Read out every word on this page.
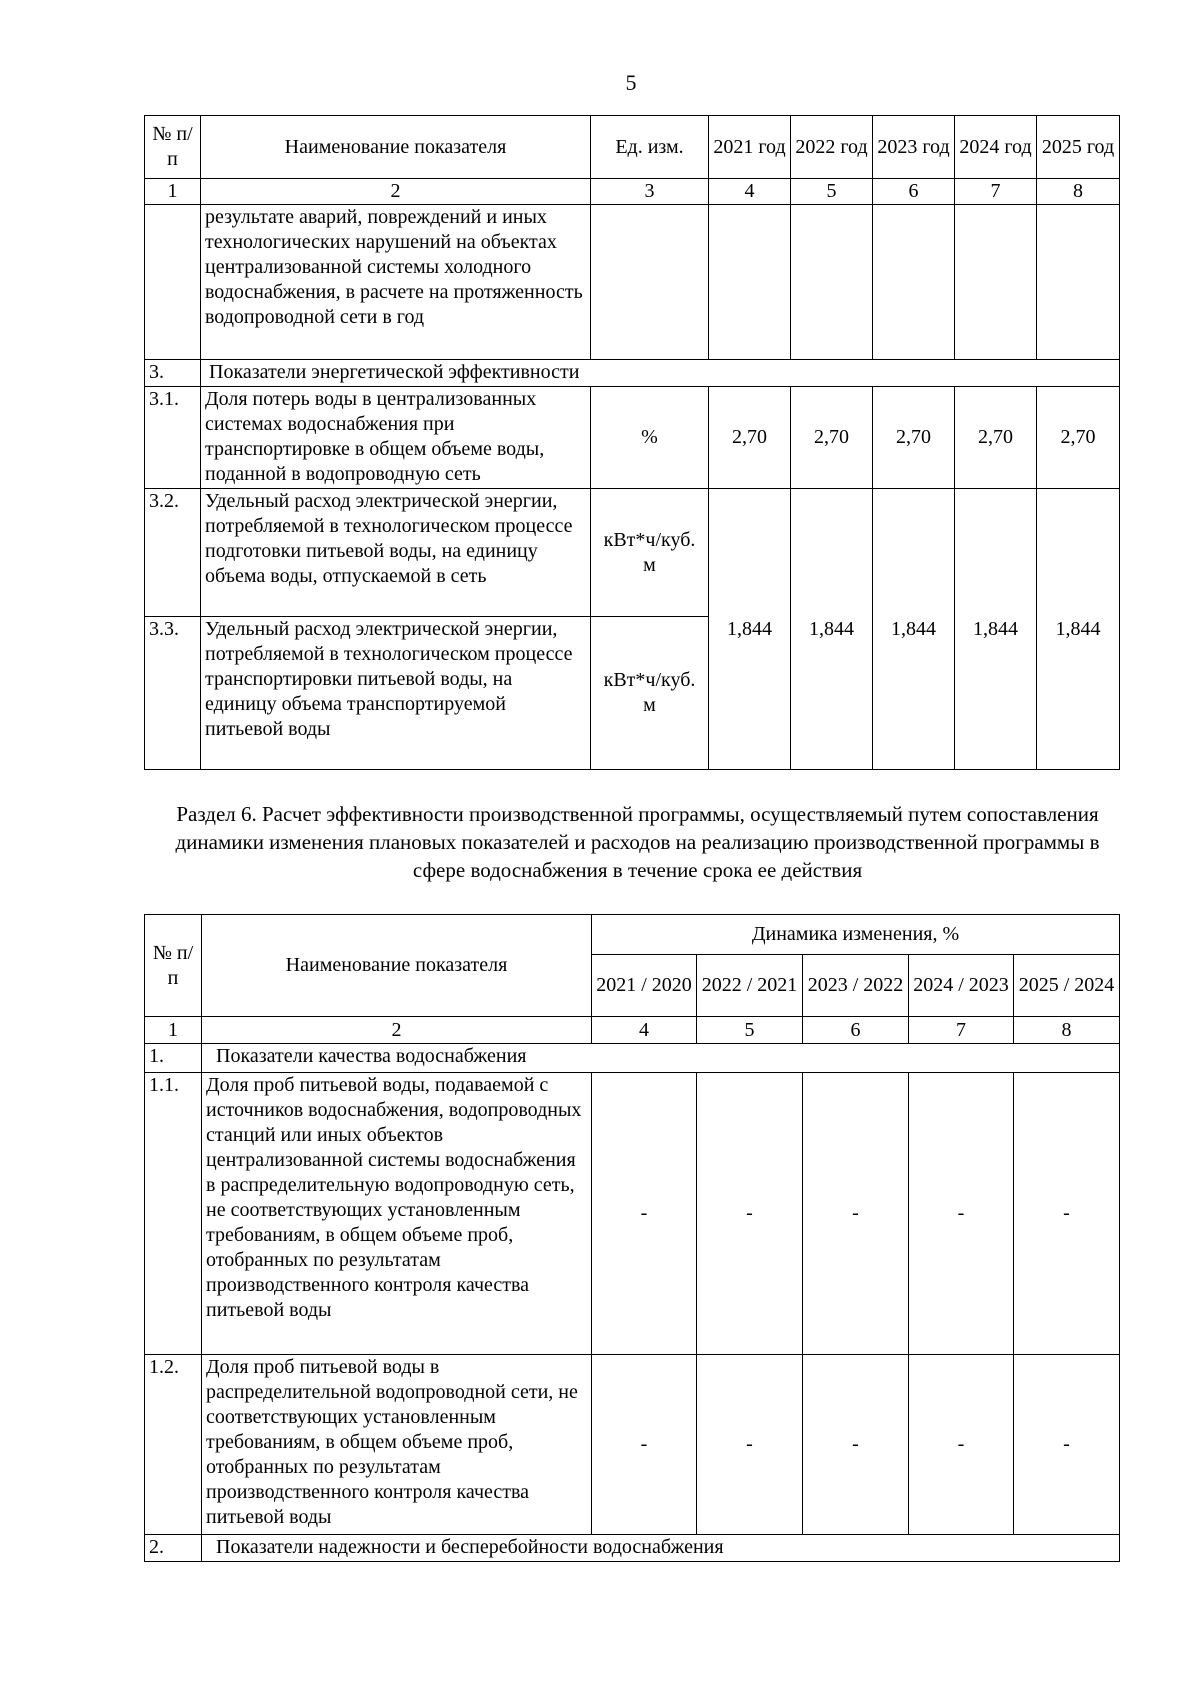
5
№ п/п	Наименование показателя	Ед. изм.	2021 год	2022 год	2023 год	2024 год	2025 год
1	2	3	4	5	6	7	8
	результате аварий, повреждений и иных технологических нарушений на объектах централизованной системы холодного водоснабжения, в расчете на протяженность водопроводной сети в год						
3.	Показатели энергетической эффективности						
3.1.	Доля потерь воды в централизованных системах водоснабжения при транспортировке в общем объеме воды, поданной в водопроводную сеть	%	2,70	2,70	2,70	2,70	2,70
3.2.	Удельный расход электрической энергии, потребляемой в технологическом процессе подготовки питьевой воды, на единицу объема воды, отпускаемой в сеть	кВт*ч/куб. м	1,844	1,844	1,844	1,844	1,844
3.3.	Удельный расход электрической энергии, потребляемой в технологическом процессе транспортировки питьевой воды, на единицу объема транспортируемой питьевой воды	кВт*ч/куб. м					
Раздел 6. Расчет эффективности производственной программы, осуществляемый путем сопоставления динамики изменения плановых показателей и расходов на реализацию производственной программы в сфере водоснабжения в течение срока ее действия
№ п/п	Наименование показателя	Динамика изменения, %				
		2021 / 2020	2022 / 2021	2023 / 2022	2024 / 2023	2025 / 2024
1	2	4	5	6	7	8
1.	Показатели качества водоснабжения					
1.1.	Доля проб питьевой воды, подаваемой с источников водоснабжения, водопроводных станций или иных объектов централизованной системы водоснабжения в распределительную водопроводную сеть, не соответствующих установленным требованиям, в общем объеме проб, отобранных по результатам производственного контроля качества питьевой воды	-	-	-	-	-
1.2.	Доля проб питьевой воды в распределительной водопроводной сети, не соответствующих установленным требованиям, в общем объеме проб, отобранных по результатам производственного контроля качества питьевой воды	-	-	-	-	-
2.	Показатели надежности и бесперебойности водоснабжения					
